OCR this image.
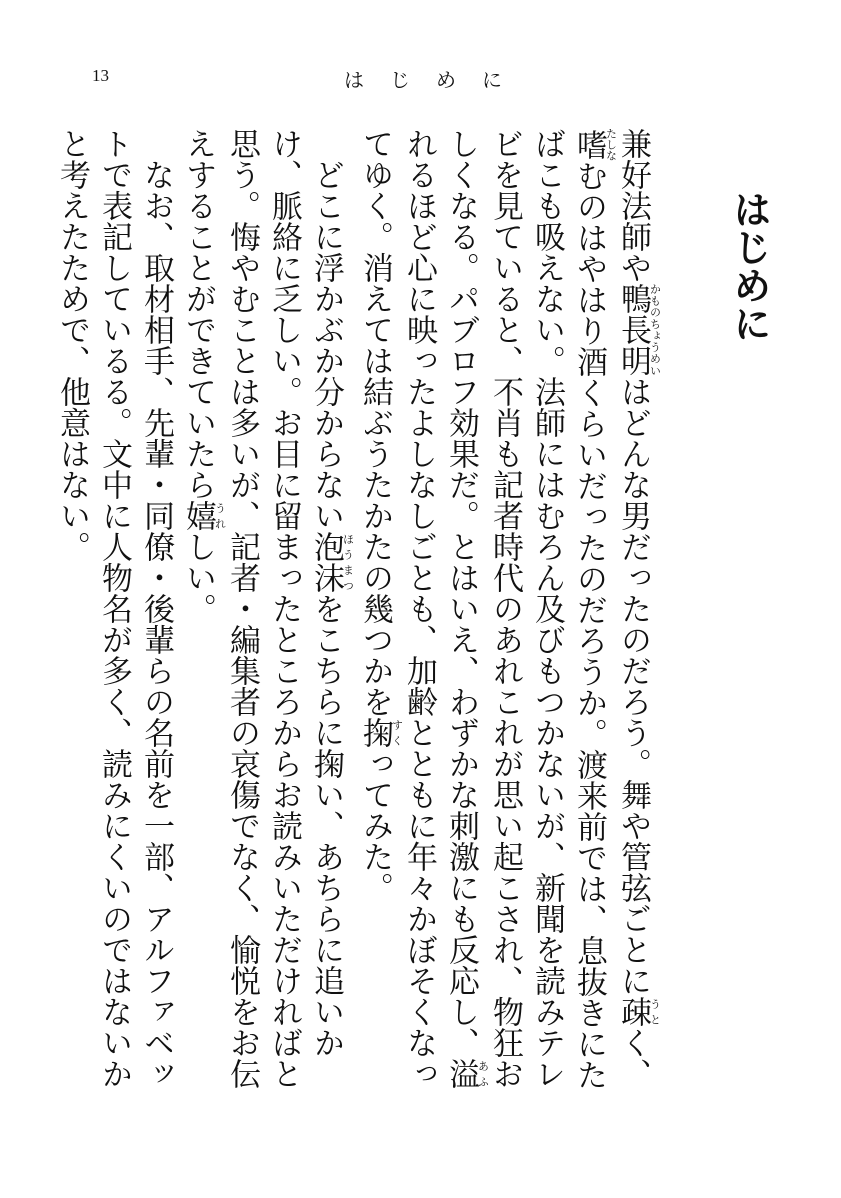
13	はじめに
はじめに

兼好法師や鴨長明かものちょうめいはどんな男だったのだろう。舞や管弦ごとに疎うとく、嗜たしなむのはやはり酒くらいだったのだろうか。渡来前では、息抜きにたばこも吸えない。法師にはむろん及びもつかないが、新聞を読みテレビを見ていると、不肖も記者時代のあれこれが思い起こされ、物狂おしくなる。パブロフ効果だ。とはいえ、わずかな刺激にも反応し、溢あふれるほど心に映ったよしなしごとも、加齢とともに年々かぼそくなってゆく。消えては結ぶうたかたの幾つかを掬すくってみた。

どこに浮かぶか分からない泡沫ほうまつをこちらに掬い、あちらに追いかけ、脈絡に乏しい。お目に留まったところからお読みいただければと思う。悔やむことは多いが、記者・編集者の哀傷でなく、愉悦をお伝えすることができていたら嬉うれしい。

なお、取材相手、先輩・同僚・後輩らの名前を一部、アルファベットで表記しているる。文中に人物名が多く、読みにくいのではないかと考えたためで、他意はない。
